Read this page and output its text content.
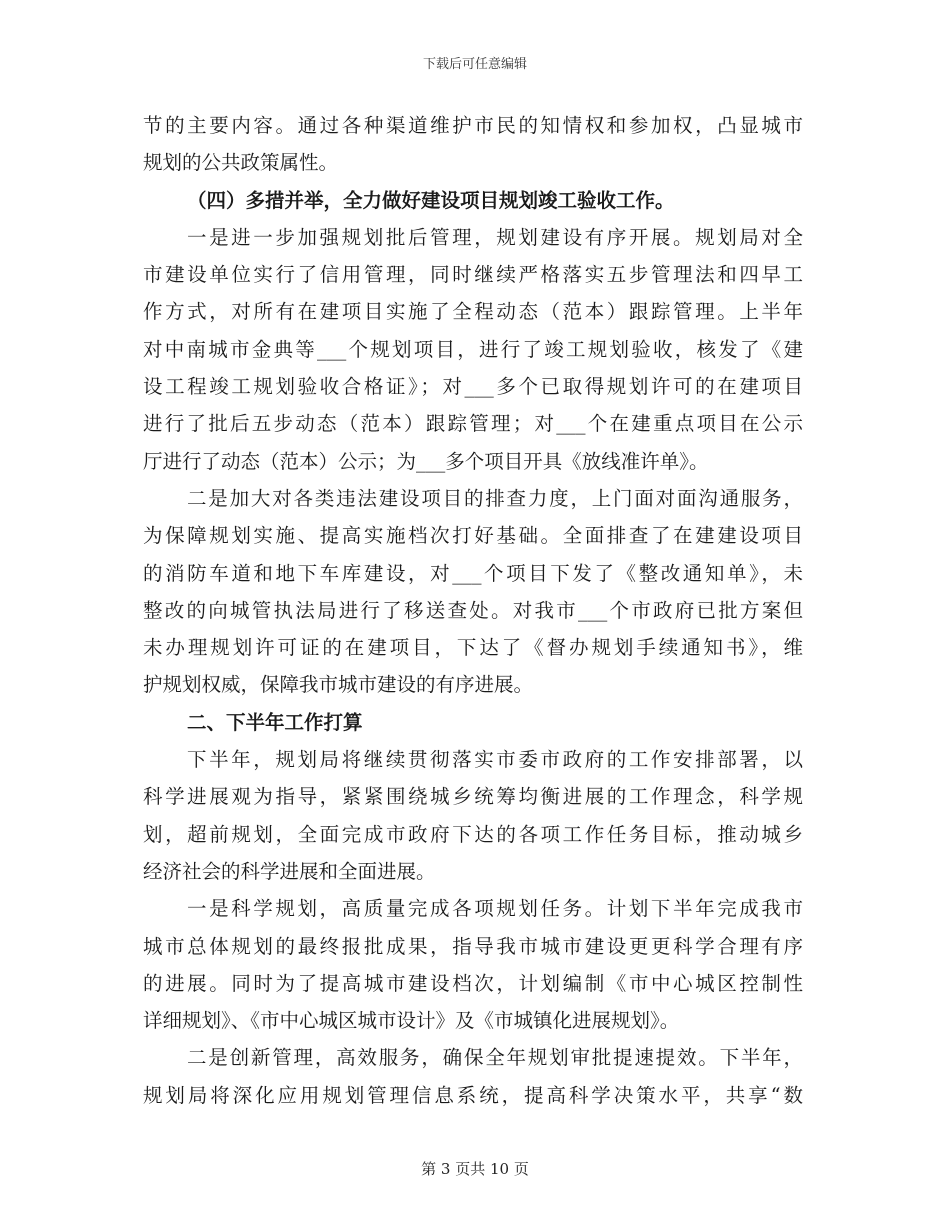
下载后可任意编辑
节的主要内容。通过各种渠道维护市民的知情权和参加权，凸显城市
规划的公共政策属性。
（四）多措并举，全力做好建设项目规划竣工验收工作。
一是进一步加强规划批后管理，规划建设有序开展。规划局对全
市建设单位实行了信用管理，同时继续严格落实五步管理法和四早工
作方式，对所有在建项目实施了全程动态（范本）跟踪管理。上半年
对中南城市金典等___个规划项目，进行了竣工规划验收，核发了《建
设工程竣工规划验收合格证》；对___多个已取得规划许可的在建项目
进行了批后五步动态（范本）跟踪管理；对___个在建重点项目在公示
厅进行了动态（范本）公示；为___多个项目开具《放线准许单》。
二是加大对各类违法建设项目的排查力度，上门面对面沟通服务，
为保障规划实施、提高实施档次打好基础。全面排查了在建建设项目
的消防车道和地下车库建设，对___个项目下发了《整改通知单》，未
整改的向城管执法局进行了移送查处。对我市___个市政府已批方案但
未办理规划许可证的在建项目，下达了《督办规划手续通知书》，维
护规划权威，保障我市城市建设的有序进展。
二、下半年工作打算
下半年，规划局将继续贯彻落实市委市政府的工作安排部署，以
科学进展观为指导，紧紧围绕城乡统筹均衡进展的工作理念，科学规
划，超前规划，全面完成市政府下达的各项工作任务目标，推动城乡
经济社会的科学进展和全面进展。
一是科学规划，高质量完成各项规划任务。计划下半年完成我市
城市总体规划的最终报批成果，指导我市城市建设更更科学合理有序
的进展。同时为了提高城市建设档次，计划编制《市中心城区控制性
详细规划》、《市中心城区城市设计》及《市城镇化进展规划》。
二是创新管理，高效服务，确保全年规划审批提速提效。下半年，
规划局将深化应用规划管理信息系统，提高科学决策水平，共享“数
第 3 页共 10 页
